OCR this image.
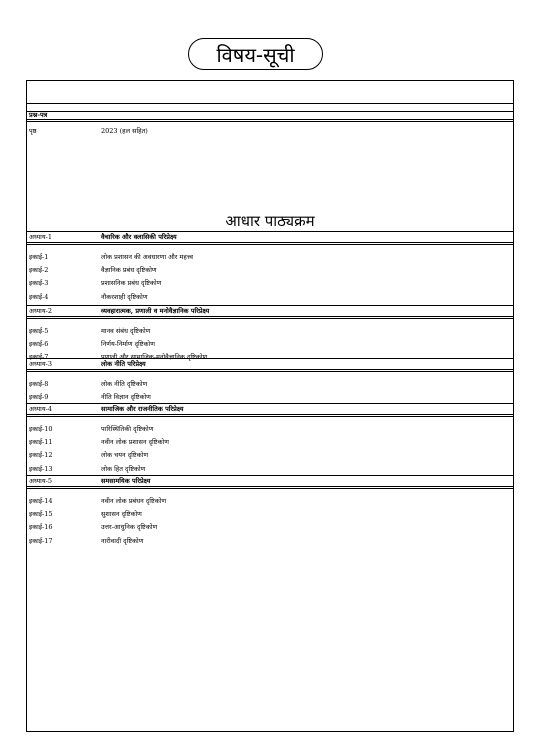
विषय-सूची
प्रश्न-पत्र
पृष्ठ	2023 (हल सहित)
आधार पाठ्यक्रम
अध्याय-1	वैचारिक और क्लासिकी परिप्रेक्ष्य
इकाई-1	लोक प्रशासन की अवधारणा और महत्त्व
इकाई-2	वैज्ञानिक प्रबंध दृष्टिकोण
इकाई-3	प्रशासनिक प्रबंध दृष्टिकोण
इकाई-4	नौकरशाही दृष्टिकोण
अध्याय-2	व्यवहारात्मक, प्रणाली व मनोवैज्ञानिक परिप्रेक्ष्य
इकाई-5	मानव संबंध दृष्टिकोण
इकाई-6	निर्णय-निर्माण दृष्टिकोण
इकाई-7	प्रणाली और सामाजिक-मनोवैज्ञानिक दृष्टिकोण
अध्याय-3	लोक नीति परिप्रेक्ष्य
इकाई-8	लोक नीति दृष्टिकोण
इकाई-9	नीति विज्ञान दृष्टिकोण
अध्याय-4	सामाजिक और राजनीतिक परिप्रेक्ष्य
इकाई-10	पारिस्थितिकी दृष्टिकोण
इकाई-11	नवीन लोक प्रशासन दृष्टिकोण
इकाई-12	लोक चयन दृष्टिकोण
इकाई-13	लोक हित दृष्टिकोण
अध्याय-5	समसामयिक परिप्रेक्ष्य
इकाई-14	नवीन लोक प्रबंधन दृष्टिकोण
इकाई-15	सुशासन दृष्टिकोण
इकाई-16	उत्तर-आधुनिक दृष्टिकोण
इकाई-17	नारीवादी दृष्टिकोण
